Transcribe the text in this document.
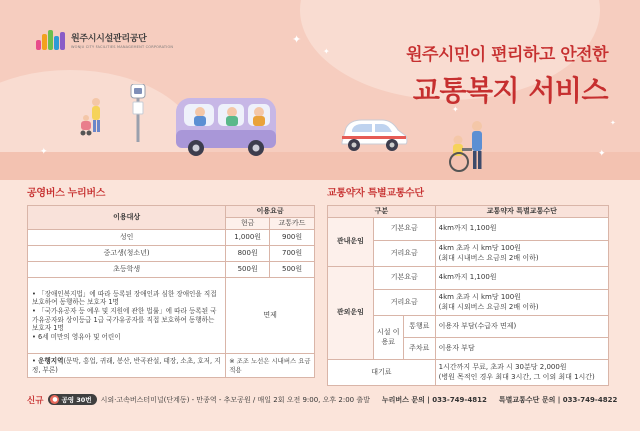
원주시시설관리공단
WONJU CITY FACILITIES MANAGEMENT CORPORATION	원주시민이 편리하고 안전한
교통복지 서비스
✦
✦
✦
✦
✦
✦
공영버스 누리버스
이용대상	이용요금	
	현금	교통카드
성인	1,000원	900원
중고생(청소년)	800원	700원
초등학생	500원	500원

• 「장애인복지법」에 따라 등록된 장애인과 심한 장애인을 직접 보호하여 동행하는 보호자 1명
• 「국가유공자 등 예우 및 지원에 관한 법률」에 따라 등록된 국가유공자와 상이등급 1급 국가유공자를 직접 보호하여 동행하는 보호자 1명
• 6세 미만의 영유아 및 어린이	면제	
• 운행지역(문막, 흥업, 귀래, 봉산, 반곡관설, 태장, 소초, 호저, 지정, 부론)	※ 조조 노선은 시내버스 요금 적용	
교통약자 특별교통수단
구분			교통약자 특별교통수단
관내운임	기본요금		4km까지 1,100원
	거리요금		4km 초과 시 km당 100원
(최대 시내버스 요금의 2배 이하)

관외운임	기본요금		4km까지 1,100원
	거리요금		4km 초과 시 km당 100원
(최대 시외버스 요금의 2배 이하)

	시설 이용료	통행료	이용자 부담(수급자 면제)
		주차료	이용자 부담
대기료			1시간까지 무료, 초과 시 30분당 2,000원
(병원 목적인 경우 최대 3시간, 그 이외 최대 1시간)
신규	● 공영 30번 시외·고속버스터미널(단계동) - 만종역 - 추모공원 / 매일 2회 오전 9:00, 오후 2:00 출발 누리버스 문의 | 033-749-4812 특별교통수단 문의 | 033-749-4822
